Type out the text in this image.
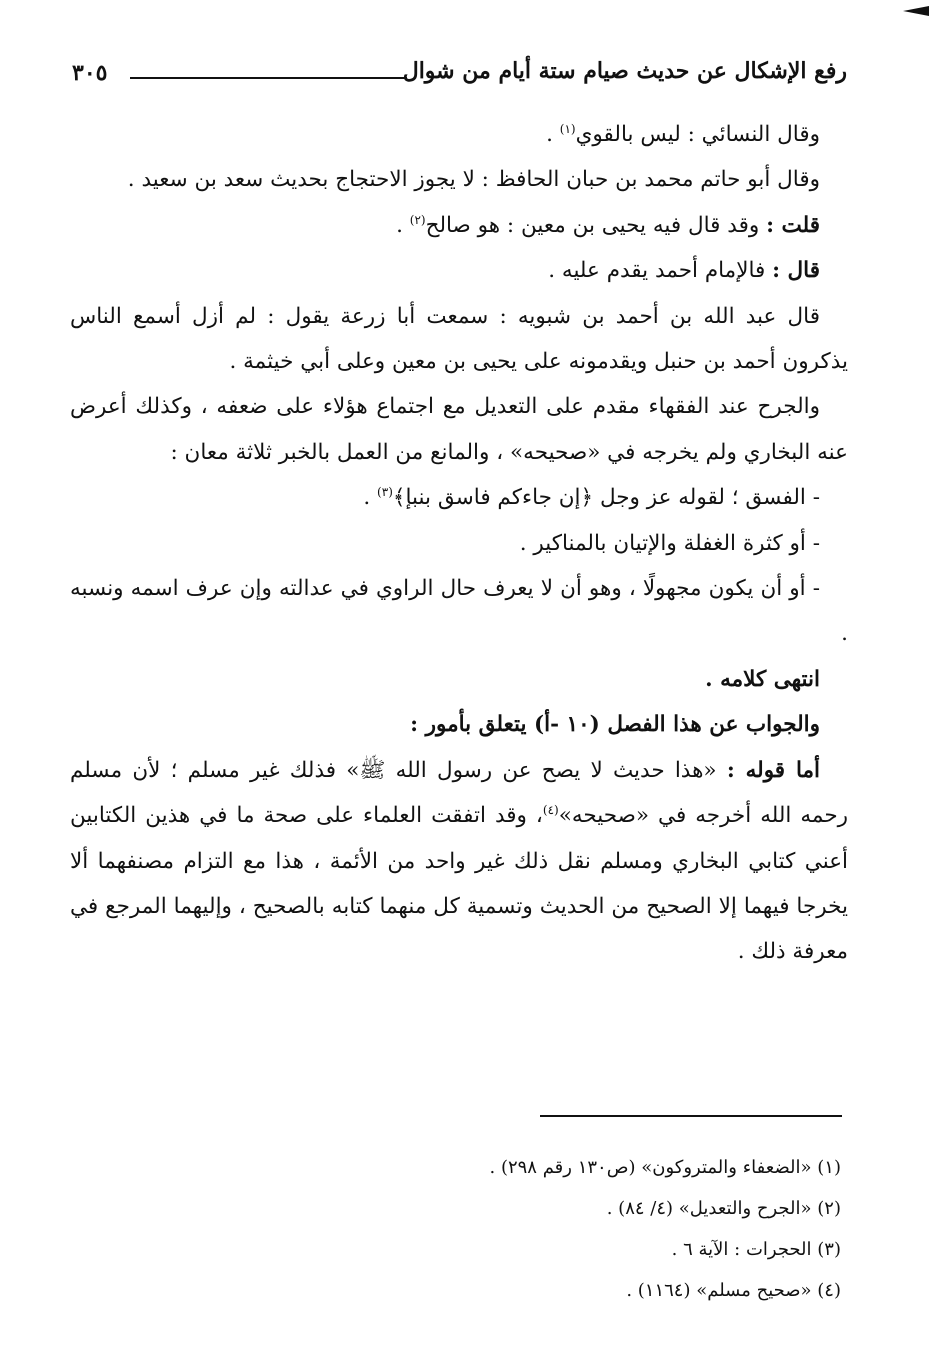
رفع الإشكال عن حديث صيام ستة أيام من شوال
٣٠٥

وقال النسائي : ليس بالقوي$^{(١)}$ .

وقال أبو حاتم محمد بن حبان الحافظ : لا يجوز الاحتجاج بحديث سعد بن سعيد .

قلت : وقد قال فيه يحيى بن معين : هو صالح$^{(٢)}$ .

قال : فالإمام أحمد يقدم عليه .

قال عبد الله بن أحمد بن شبويه : سمعت أبا زرعة يقول : لم أزل أسمع الناس يذكرون أحمد بن حنبل ويقدمونه على يحيى بن معين وعلى أبي خيثمة .

والجرح عند الفقهاء مقدم على التعديل مع اجتماع هؤلاء على ضعفه ، وكذلك أعرض عنه البخاري ولم يخرجه في «صحيحه» ، والمانع من العمل بالخبر ثلاثة معان :

- الفسق ؛ لقوله عز وجل ﴿إن جاءكم فاسق بنبإ﴾$^{(٣)}$ .

- أو كثرة الغفلة والإتيان بالمناكير .

- أو أن يكون مجهولًا ، وهو أن لا يعرف حال الراوي في عدالته وإن عرف اسمه ونسبه .

انتهى كلامه .

والجواب عن هذا الفصل (١٠ -أ) يتعلق بأمور :

أما قوله : «هذا حديث لا يصح عن رسول الله ﷺ» فذلك غير مسلم ؛ لأن مسلم رحمه الله أخرجه في «صحيحه»$^{(٤)}$، وقد اتفقت العلماء على صحة ما في هذين الكتابين أعني كتابي البخاري ومسلم نقل ذلك غير واحد من الأئمة ، هذا مع التزام مصنفهما ألا يخرجا فيهما إلا الصحيح من الحديث وتسمية كل منهما كتابه بالصحيح ، وإليهما المرجع في معرفة ذلك .

(١) «الضعفاء والمتروكون» (ص١٣٠ رقم ٢٩٨) .

(٢) «الجرح والتعديل» (٤/ ٨٤) .

(٣) الحجرات : الآية ٦ .

(٤) «صحيح مسلم» (١١٦٤) .
